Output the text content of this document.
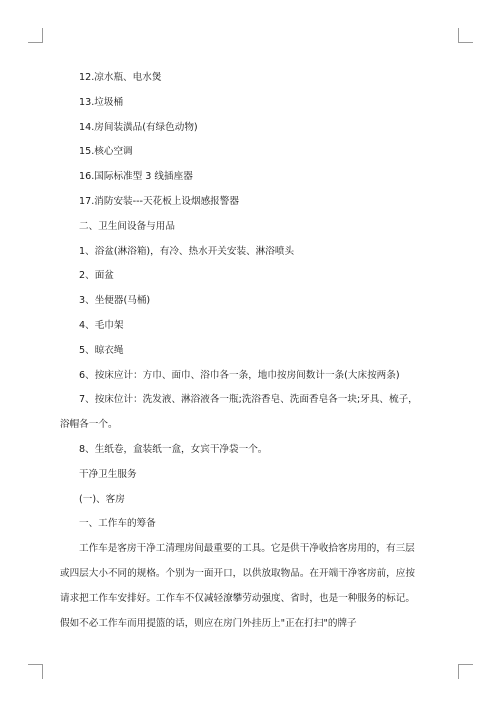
12.凉水瓶、电水煲
13.垃圾桶
14.房间装潢品(有绿色动物)
15.核心空调
16.国际标准型 3 线插座器
17.消防安装---天花板上设烟感报警器
二、卫生间设备与用品
1、浴盆(淋浴箱)，有冷、热水开关安装、淋浴喷头
2、面盆
3、坐便器(马桶)
4、毛巾架
5、晾衣绳
6、按床应计：方巾、面巾、浴巾各一条，地巾按房间数计一条(大床按两条)
7、按床位计：洗发液、淋浴液各一瓶;洗浴香皂、洗面香皂各一块;牙具、梳子，
浴帽各一个。
8、生纸卷，盒装纸一盒，女宾干净袋一个。
干净卫生服务
(一)、客房
一、工作车的筹备
工作车是客房干净工清理房间最重要的工具。它是供干净收拾客房用的，有三层
或四层大小不同的规格。个别为一面开口，以供放取物品。在开端干净客房前，应按
请求把工作车安排好。工作车不仅减轻潦攀劳动强度、省时，也是一种服务的标记。
假如不必工作车而用提篮的话，则应在房门外挂历上"正在打扫"的牌子
